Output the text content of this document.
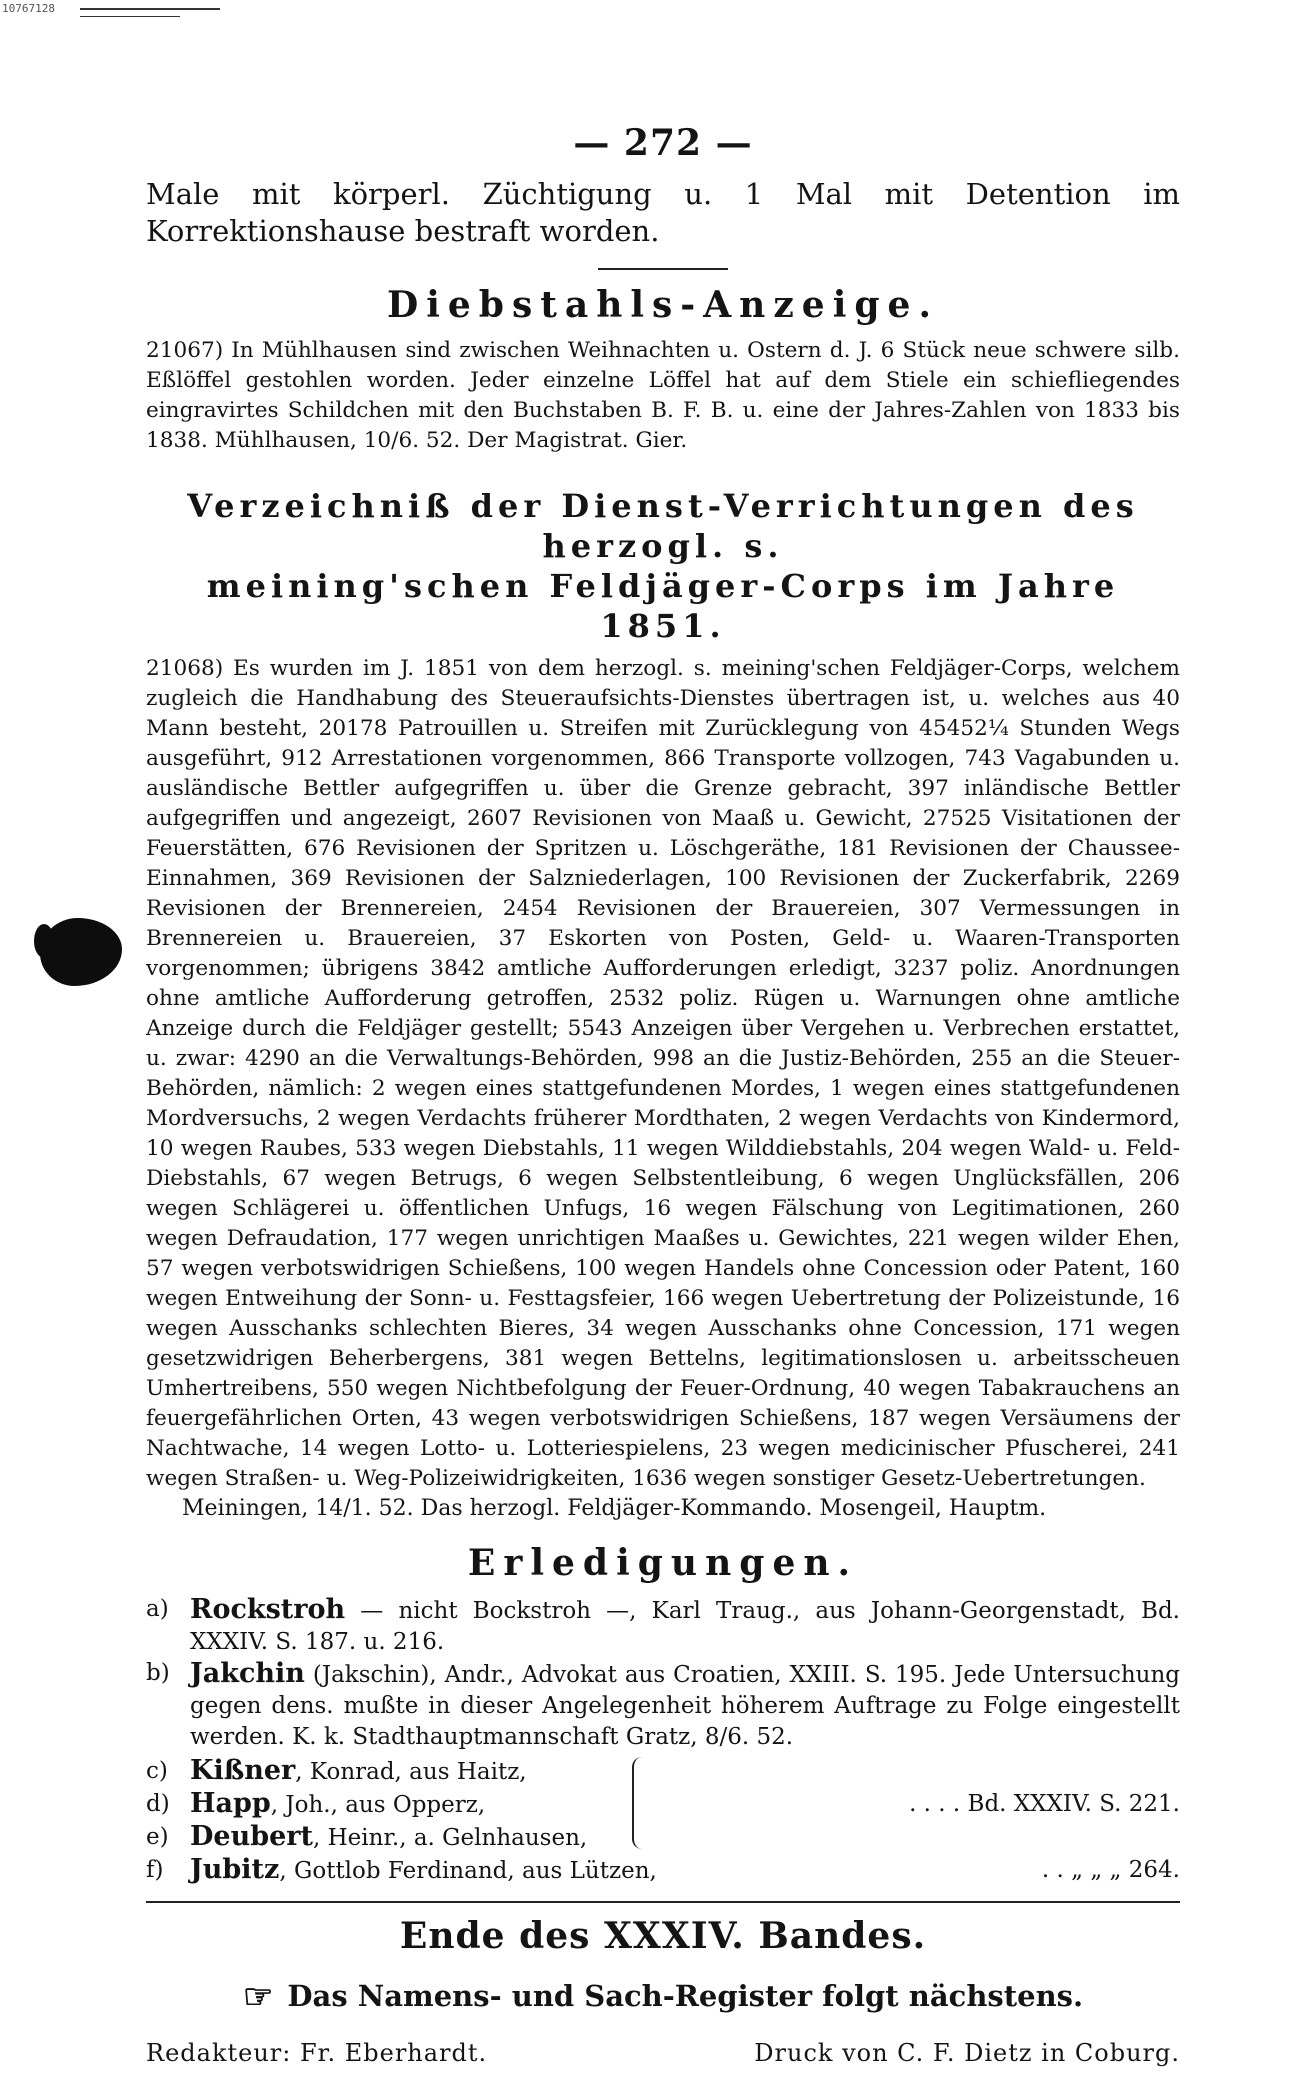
10767128
— 272 —

Male mit körperl. Züchtigung u. 1 Mal mit Detention im Korrektionshause bestraft worden.

Diebstahls-Anzeige.

21067) In Mühlhausen sind zwischen Weihnachten u. Ostern d. J. 6 Stück neue schwere silb. Eßlöffel gestohlen worden. Jeder einzelne Löffel hat auf dem Stiele ein schiefliegendes eingravirtes Schildchen mit den Buchstaben B. F. B. u. eine der Jahres-Zahlen von 1833 bis 1838. Mühlhausen, 10/6. 52. Der Magistrat. Gier.

Verzeichniß der Dienst-Verrichtungen des herzogl. s.
meining'schen Feldjäger-Corps im Jahre 1851.

21068) Es wurden im J. 1851 von dem herzogl. s. meining'schen Feldjäger-Corps, welchem zugleich die Handhabung des Steueraufsichts-Dienstes übertragen ist, u. welches aus 40 Mann besteht, 20178 Patrouillen u. Streifen mit Zurücklegung von 45452¼ Stunden Wegs ausgeführt, 912 Arrestationen vorgenommen, 866 Transporte vollzogen, 743 Vagabunden u. ausländische Bettler aufgegriffen u. über die Grenze gebracht, 397 inländische Bettler aufgegriffen und angezeigt, 2607 Revisionen von Maaß u. Gewicht, 27525 Visitationen der Feuerstätten, 676 Revisionen der Spritzen u. Löschgeräthe, 181 Revisionen der Chaussee-Einnahmen, 369 Revisionen der Salzniederlagen, 100 Revisionen der Zuckerfabrik, 2269 Revisionen der Brennereien, 2454 Revisionen der Brauereien, 307 Vermessungen in Brennereien u. Brauereien, 37 Eskorten von Posten, Geld- u. Waaren-Transporten vorgenommen; übrigens 3842 amtliche Aufforderungen erledigt, 3237 poliz. Anordnungen ohne amtliche Aufforderung getroffen, 2532 poliz. Rügen u. Warnungen ohne amtliche Anzeige durch die Feldjäger gestellt; 5543 Anzeigen über Vergehen u. Verbrechen erstattet, u. zwar: 4290 an die Verwaltungs-Behörden, 998 an die Justiz-Behörden, 255 an die Steuer-Behörden, nämlich: 2 wegen eines stattgefundenen Mordes, 1 wegen eines stattgefundenen Mordversuchs, 2 wegen Verdachts früherer Mordthaten, 2 wegen Verdachts von Kindermord, 10 wegen Raubes, 533 wegen Diebstahls, 11 wegen Wilddiebstahls, 204 wegen Wald- u. Feld-Diebstahls, 67 wegen Betrugs, 6 wegen Selbstentleibung, 6 wegen Unglücksfällen, 206 wegen Schlägerei u. öffentlichen Unfugs, 16 wegen Fälschung von Legitimationen, 260 wegen Defraudation, 177 wegen unrichtigen Maaßes u. Gewichtes, 221 wegen wilder Ehen, 57 wegen verbotswidrigen Schießens, 100 wegen Handels ohne Concession oder Patent, 160 wegen Entweihung der Sonn- u. Festtagsfeier, 166 wegen Uebertretung der Polizeistunde, 16 wegen Ausschanks schlechten Bieres, 34 wegen Ausschanks ohne Concession, 171 wegen gesetzwidrigen Beherbergens, 381 wegen Bettelns, legitimationslosen u. arbeitsscheuen Umhertreibens, 550 wegen Nichtbefolgung der Feuer-Ordnung, 40 wegen Tabakrauchens an feuergefährlichen Orten, 43 wegen verbotswidrigen Schießens, 187 wegen Versäumens der Nachtwache, 14 wegen Lotto- u. Lotteriespielens, 23 wegen medicinischer Pfuscherei, 241 wegen Straßen- u. Weg-Polizeiwidrigkeiten, 1636 wegen sonstiger Gesetz-Uebertretungen.

Meiningen, 14/1. 52. Das herzogl. Feldjäger-Kommando. Mosengeil, Hauptm.

Erledigungen.
a) Rockstroh — nicht Bockstroh —, Karl Traug., aus Johann-Georgenstadt, Bd. XXXIV. S. 187. u. 216.
b) Jakchin (Jakschin), Andr., Advokat aus Croatien, XXIII. S. 195. Jede Untersuchung gegen dens. mußte in dieser Angelegenheit höherem Auftrage zu Folge eingestellt werden. K. k. Stadthauptmannschaft Gratz, 8/6. 52.
c) Kißner, Konrad, aus Haitz,
d) Happ, Joh., aus Opperz,	. . . . Bd. XXXIV. S. 221.
e) Deubert, Heinr., a. Gelnhausen,
f) Jubitz, Gottlob Ferdinand, aus Lützen,	. . „ „ „ 264.
Ende des XXXIV. Bandes.
☞ Das Namens- und Sach-Register folgt nächstens.
Redakteur: Fr. Eberhardt.	Druck von C. F. Dietz in Coburg.
